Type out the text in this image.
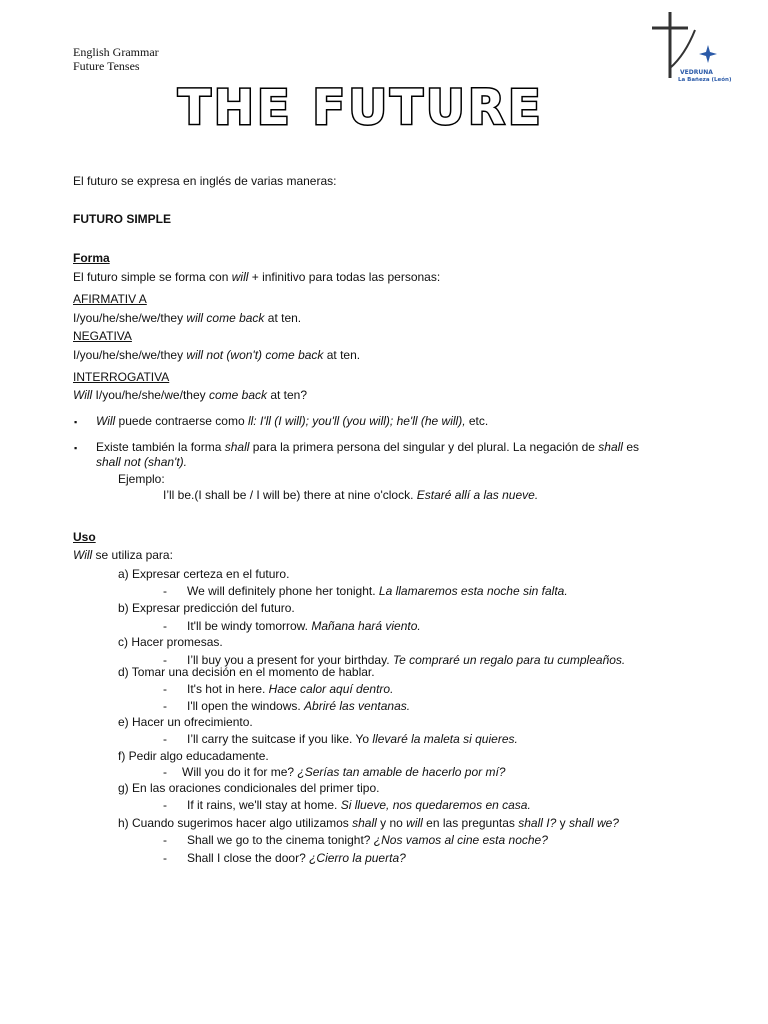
English Grammar
Future Tenses	VEDRUNA
La Bañeza (León)
THE FUTURE
El futuro se expresa en inglés de varias maneras:
FUTURO SIMPLE
Forma
El futuro simple se forma con will + infinitivo para todas las personas:
AFIRMATIV A
I/you/he/she/we/they will come back at ten.
NEGATIVA
I/you/he/she/we/they will not (won't) come back at ten.
INTERROGATIVA
Will I/you/he/she/we/they come back at ten?
▪ Will puede contraerse como ll: I'll (I will); you'll (you will); he'll (he will), etc.
▪ Existe también la forma shall para la primera persona del singular y del plural. La negación de shall es
shall not (shan't).
Ejemplo:
I’ll be.(I shall be / I will be) there at nine o'clock. Estaré allí a las nueve.
Uso
Will se utiliza para:
a) Expresar certeza en el futuro.
- We will definitely phone her tonight. La llamaremos esta noche sin falta.
b) Expresar predicción del futuro.
- It'll be windy tomorrow. Mañana hará viento.
c) Hacer promesas.
- I’ll buy you a present for your birthday. Te compraré un regalo para tu cumpleaños.
d) Tomar una decisión en el momento de hablar.
- It's hot in here. Hace calor aquí dentro.
- I'll open the windows. Abriré las ventanas.
e) Hacer un ofrecimiento.
- I’ll carry the suitcase if you like. Yo llevaré la maleta si quieres.
f) Pedir algo educadamente.
- Will you do it for me? ¿Serías tan amable de hacerlo por mí?
g) En las oraciones condicionales del primer tipo.
- If it rains, we'll stay at home. Si llueve, nos quedaremos en casa.
h) Cuando sugerimos hacer algo utilizamos shall y no will en las preguntas shall I? y shall we?
- Shall we go to the cinema tonight? ¿Nos vamos al cine esta noche?
- Shall I close the door? ¿Cierro la puerta?
